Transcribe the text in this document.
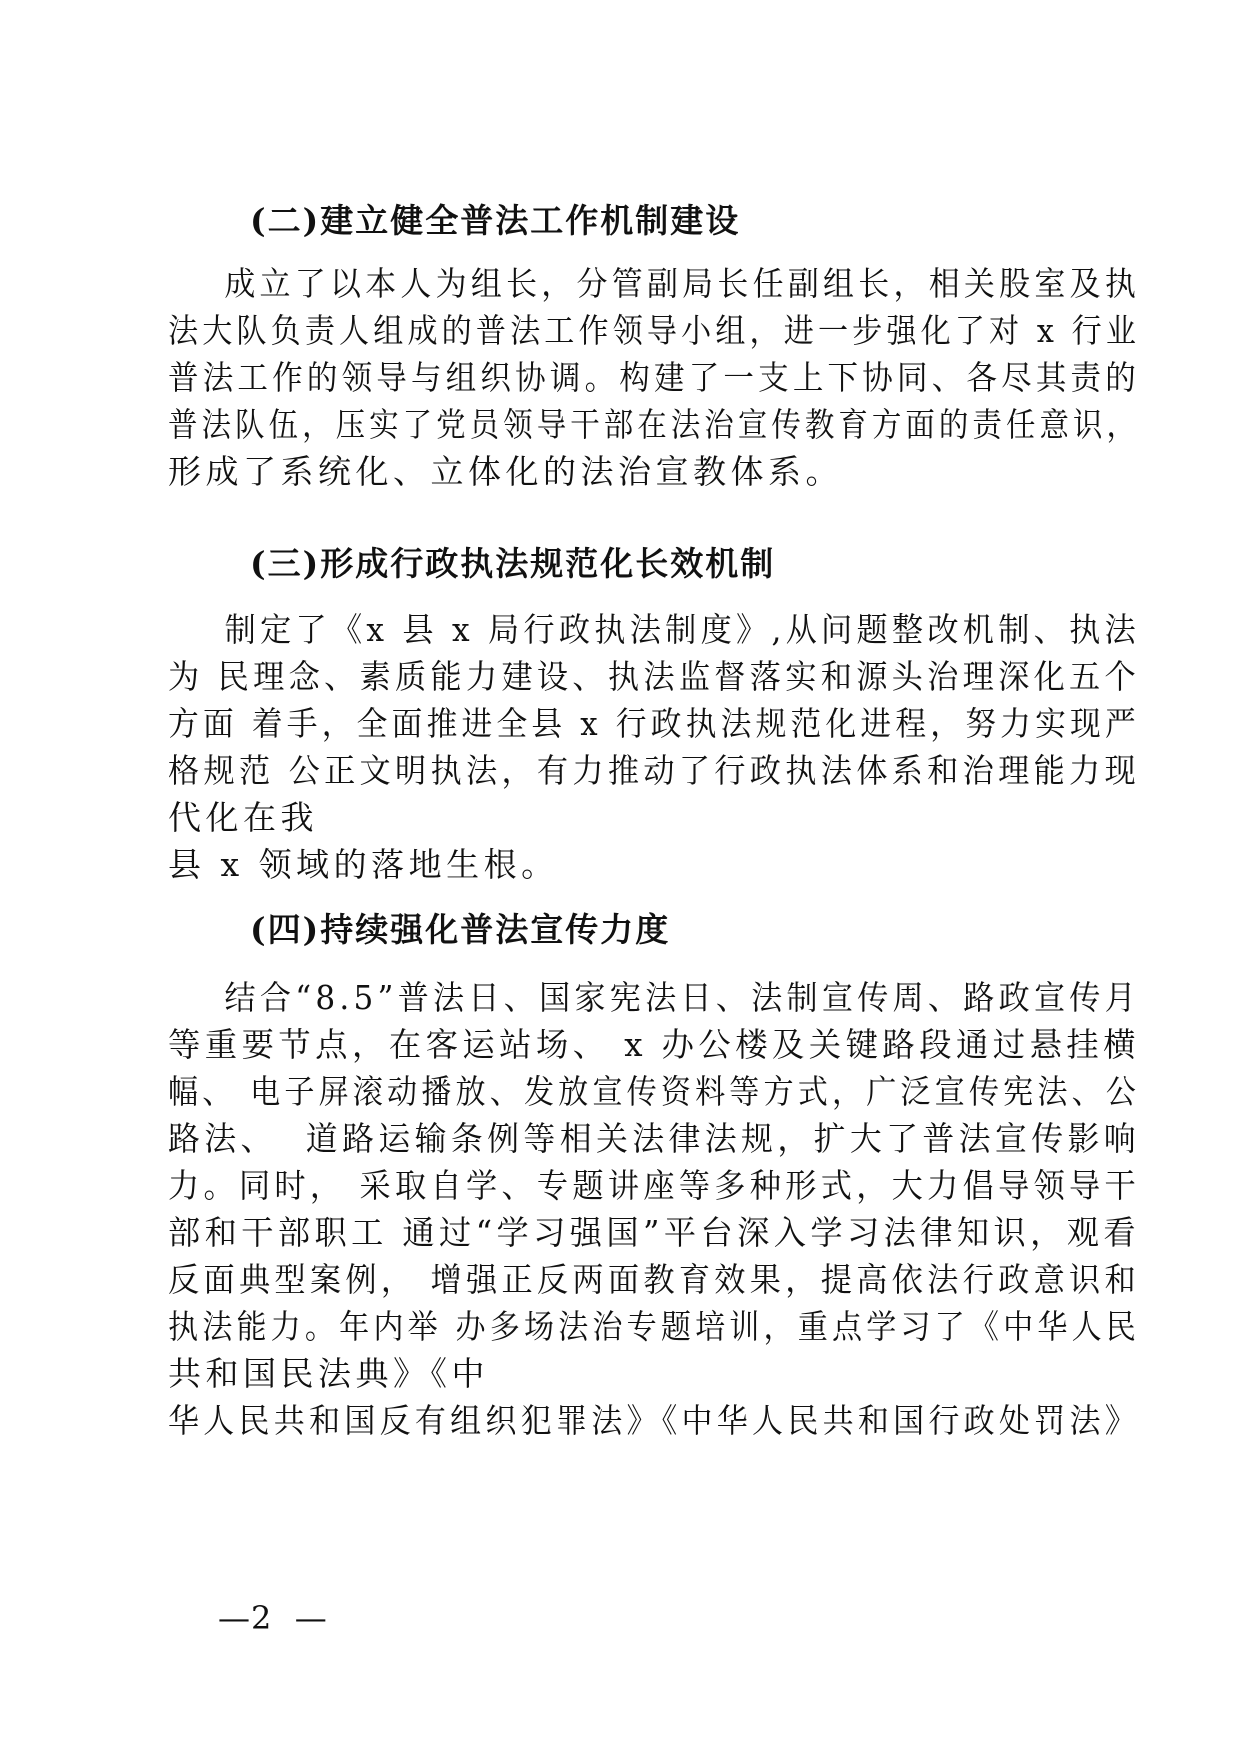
(二)建立健全普法工作机制建设
成立了以本人为组长，分管副局长任副组长，相关股室及执
法大队负责人组成的普法工作领导小组，进一步强化了对 x 行业
普法工作的领导与组织协调。构建了一支上下协同、各尽其责的
普法队伍，压实了党员领导干部在法治宣传教育方面的责任意识，
形成了系统化、立体化的法治宣教体系。
(三)形成行政执法规范化长效机制
制定了《x 县 x 局行政执法制度》,从问题整改机制、执法
为 民理念、素质能力建设、执法监督落实和源头治理深化五个
方面 着手，全面推进全县 x 行政执法规范化进程，努力实现严
格规范 公正文明执法，有力推动了行政执法体系和治理能力现
代化在我
县 x 领域的落地生根。
(四)持续强化普法宣传力度
结合“8.5”普法日、国家宪法日、法制宣传周、路政宣传月
等重要节点，在客运站场、 x 办公楼及关键路段通过悬挂横
幅、 电子屏滚动播放、发放宣传资料等方式，广泛宣传宪法、公
路法、  道路运输条例等相关法律法规，扩大了普法宣传影响
力。同时， 采取自学、专题讲座等多种形式，大力倡导领导干
部和干部职工 通过“学习强国”平台深入学习法律知识，观看
反面典型案例， 增强正反两面教育效果，提高依法行政意识和
执法能力。年内举 办多场法治专题培训，重点学习了《中华人民
共和国民法典》《中
华人民共和国反有组织犯罪法》《中华人民共和国行政处罚法》
—2  —
